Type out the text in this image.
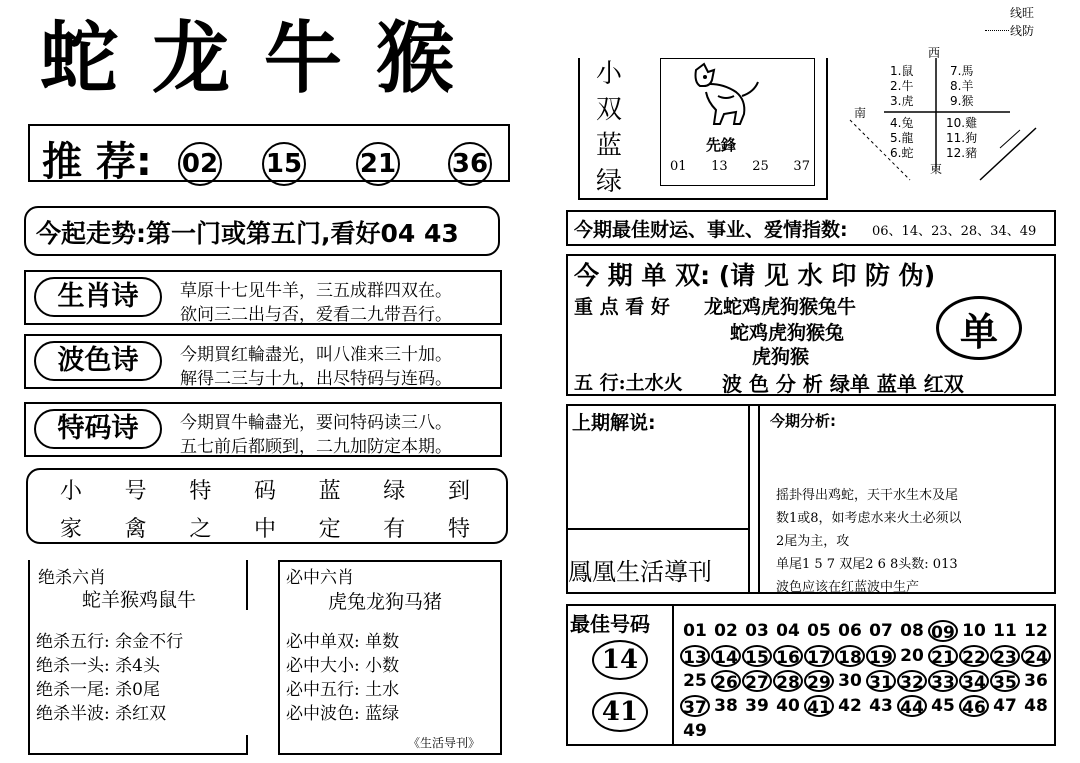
线旺
线防
蛇龙牛猴
推 荐: 02 15 21 36
今起走势:第一门或第五门,看好04 43
生肖诗	草原十七见牛羊，三五成群四双在。
欲问三二出与否，爱看二九带吾行。
波色诗	今期買红輪盡光，叫八准来三十加。
解得二三与十九，出尽特码与连码。
特码诗	今期買牛輪盡光，要问特码读三八。
五七前后都顾到，二九加防定本期。
小 号 特 码 蓝 绿 到
家 禽 之 中 定 有 特
绝杀六肖
蛇羊猴鸡鼠牛
绝杀五行: 余金不行
绝杀一头: 杀4头
绝杀一尾: 杀0尾
绝杀半波: 杀红双
必中六肖
虎兔龙狗马猪
必中单双: 单数
必中大小: 小数
必中五行: 土水
必中波色: 蓝绿
《生活导刊》
小
双
蓝
绿
先鋒
01 13 25 37
西
南
東
1.鼠	7.馬
2.牛	8.羊
3.虎	9.猴
4.兔	10.雞
5.龍	11.狗
6.蛇	12.豬
今期最佳财运、事业、爱情指数: 06、14、23、28、34、49
今 期 单 双: (请 见 水 印 防 伪)
重 点 看 好 龙蛇鸡虎狗猴兔牛
蛇鸡虎狗猴兔
虎狗猴
单
五 行:土水火 波 色 分 析 绿单 蓝单 红双
上期解说:	今期分析:
鳳凰生活導刊
摇卦得出鸡蛇，天干水生木及尾
数1或8，如考虑水来火土必须以
2尾为主，攻
单尾1 5 7 双尾2 6 8头数: 013
波色应该在红蓝波中生产
最佳号码
14
41
01 02 03 04 05 06 07 08 09 10 11 12
13 14 15 16 17 18 19 20 21 22 23 24
25 26 27 28 29 30 31 32 33 34 35 36
37 38 39 40 41 42 43 44 45 46 47 48
49
